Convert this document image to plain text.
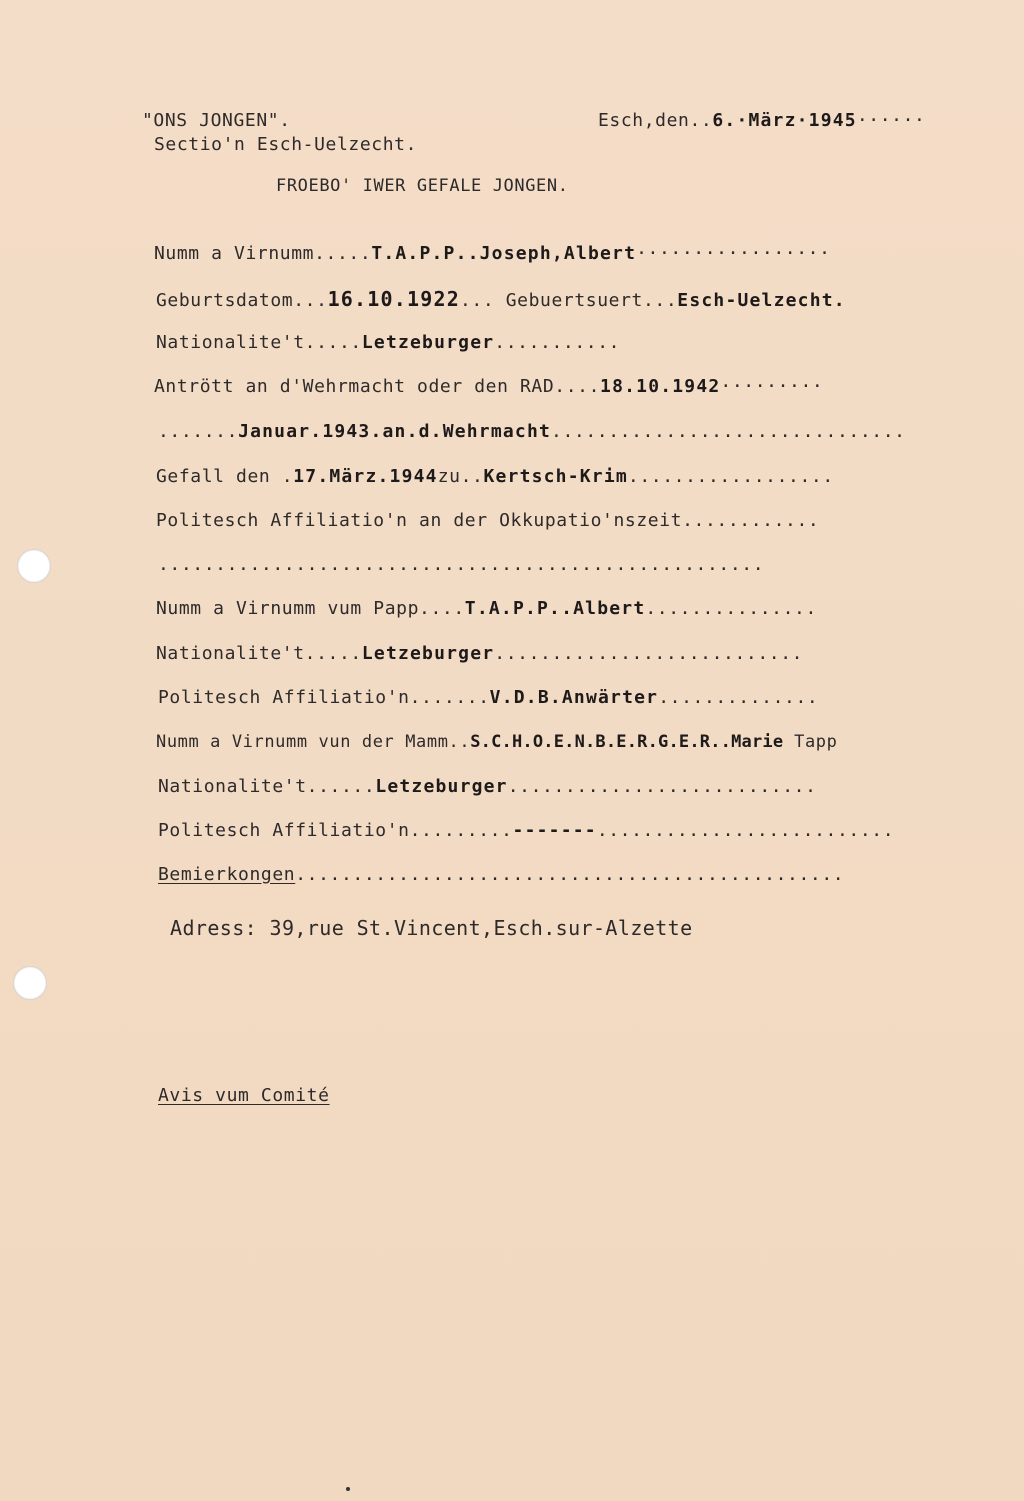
"ONS JONGEN".
Sectio'n Esch-Uelzecht.
Esch,den..6.·März·1945······
FROEBO' IWER GEFALE JONGEN.
Numm a Virnumm.....T.A.P.P..Joseph,Albert·················
Geburtsdatom...16.10.1922... Gebuertsuert...Esch-Uelzecht.
Nationalite't.....Letzeburger...........
Antrött an d'Wehrmacht oder den RAD....18.10.1942·········
.......Januar.1943.an.d.Wehrmacht...............................
Gefall den .17.März.1944zu..Kertsch-Krim..................
Politesch Affiliatio'n an der Okkupatio'nszeit............
.....................................................
Numm a Virnumm vum Papp....T.A.P.P..Albert...............
Nationalite't.....Letzeburger...........................
Politesch Affiliatio'n.......V.D.B.Anwärter..............
Numm a Virnumm vun der Mamm..S.C.H.O.E.N.B.E.R.G.E.R..Marie Tapp
Nationalite't......Letzeburger...........................
Politesch Affiliatio'n.........-------..........................
Bemierkongen................................................
Adress: 39,rue St.Vincent,Esch.sur-Alzette
Avis vum Comité
